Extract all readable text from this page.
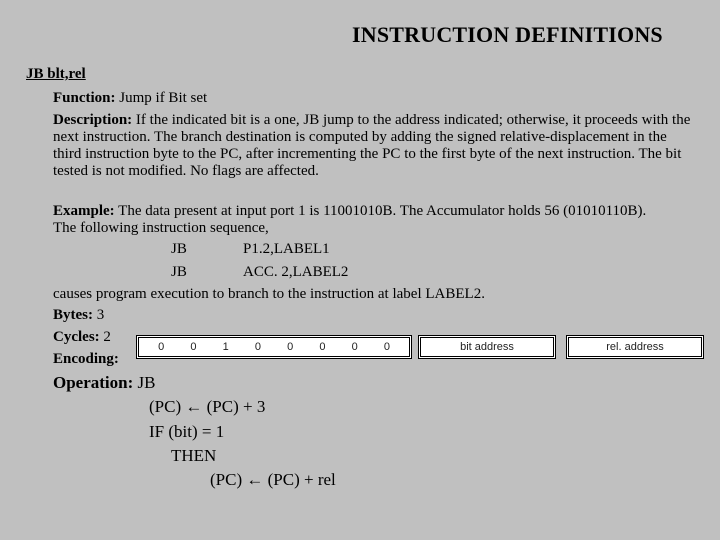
INSTRUCTION DEFINITIONS
JB blt,rel
Function: Jump if Bit set
Description: If the indicated bit is a one, JB jump to the address indicated; otherwise, it proceeds with the next instruction. The branch destination is computed by adding the signed relative-displacement in the third instruction byte to the PC, after incrementing the PC to the first byte of the next instruction. The bit tested is not modified. No flags are affected.
Example: The data present at input port 1 is 11001010B. The Accumulator holds 56 (01010110B). The following instruction sequence,
JB	P1.2,LABEL1
JB	ACC. 2,LABEL2
causes program execution to branch to the instruction at label LABEL2.
Bytes: 3
Cycles: 2
Encoding:
0	0	1	0	0	0	0	0	bit address	rel. address
Operation: JB
(PC) ← (PC) + 3
IF (bit) = 1
THEN
(PC) ← (PC) + rel
